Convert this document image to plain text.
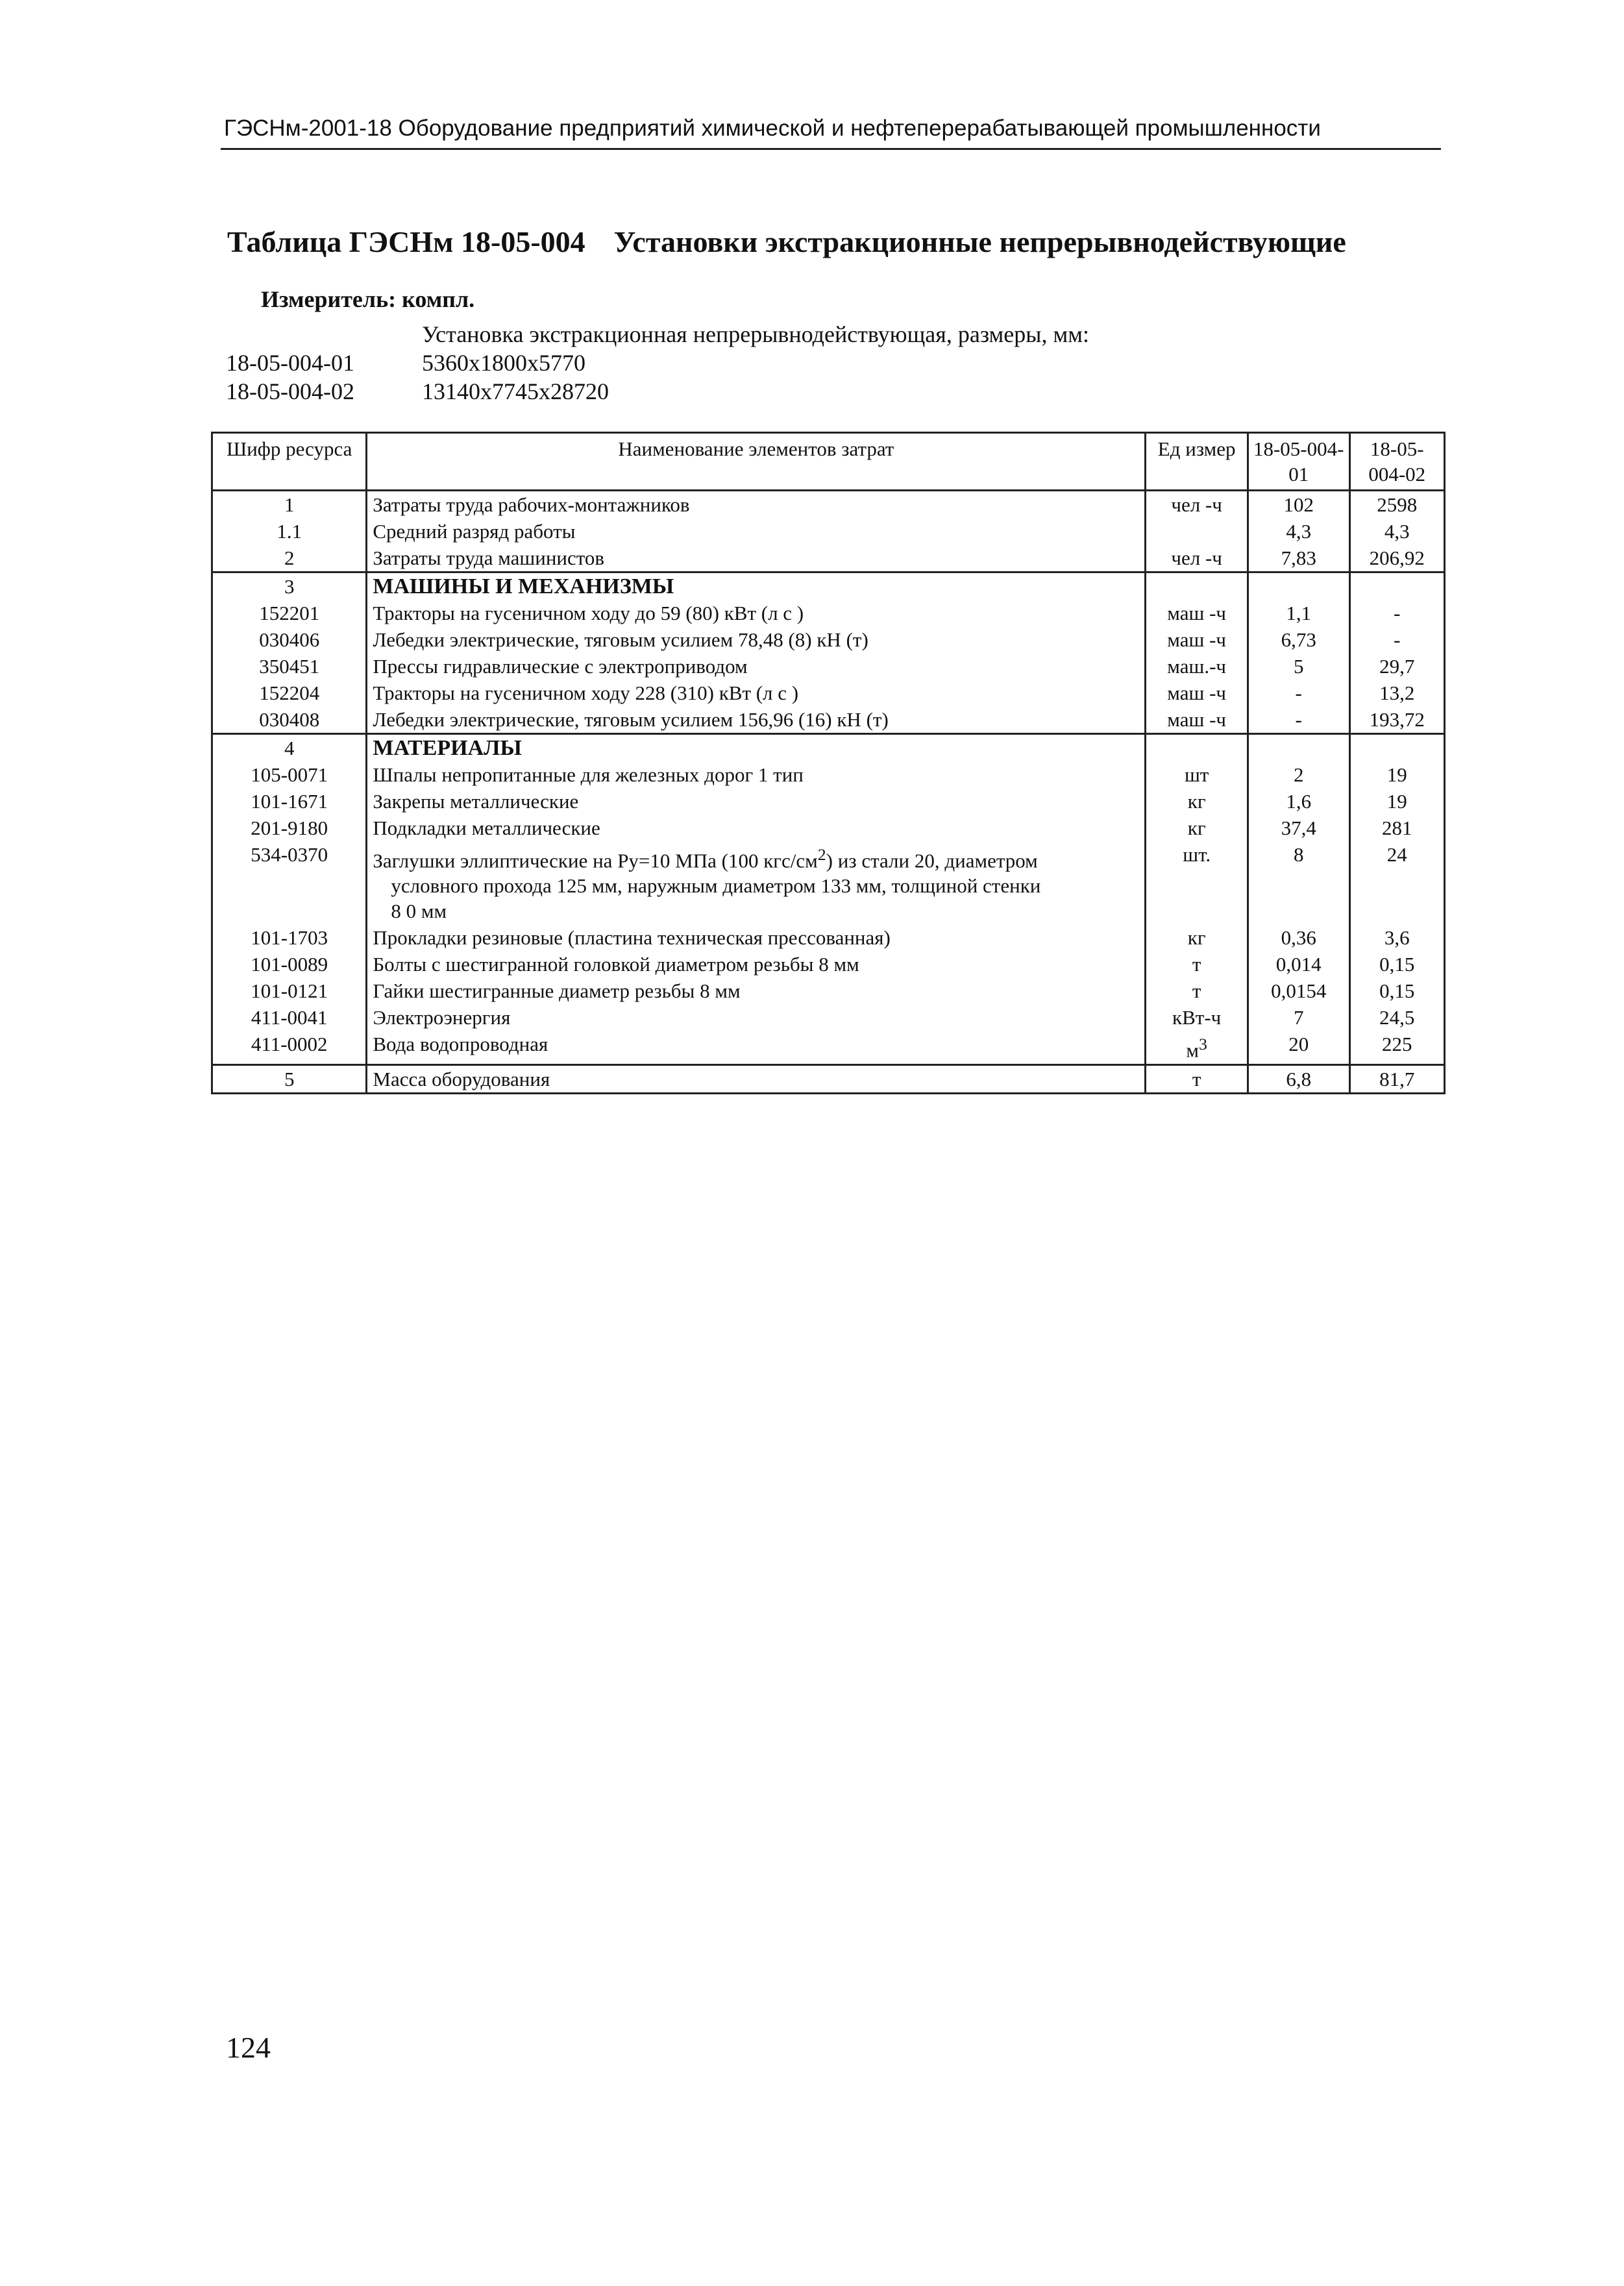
ГЭСНм-2001-18 Оборудование предприятий химической и нефтеперерабатывающей промышленности
Таблица ГЭСНм 18-05-004 Установки экстракционные непрерывнодействующие
Измеритель: компл.
Установка экстракционная непрерывнодействующая, размеры, мм:
18-05-004-01	5360x1800x5770
18-05-004-02	13140x7745x28720
Шифр ресурса	Наименование элементов затрат	Ед измер	18-05-004-01	18-05-004-02
1	Затраты труда рабочих-монтажников	чел -ч	102	2598
1.1	Средний разряд работы		4,3	4,3
2	Затраты труда машинистов	чел -ч	7,83	206,92
3	МАШИНЫ И МЕХАНИЗМЫ			
152201	Тракторы на гусеничном ходу до 59 (80) кВт (л с )	маш -ч	1,1	-
030406	Лебедки электрические, тяговым усилием 78,48 (8) кН (т)	маш -ч	6,73	-
350451	Прессы гидравлические с электроприводом	маш.-ч	5	29,7
152204	Тракторы на гусеничном ходу 228 (310) кВт (л с )	маш -ч	-	13,2
030408	Лебедки электрические, тяговым усилием 156,96 (16) кН (т)	маш -ч	-	193,72
4	МАТЕРИАЛЫ			
105-0071	Шпалы непропитанные для железных дорог 1 тип	шт	2	19
101-1671	Закрепы металлические	кг	1,6	19
201-9180	Подкладки металлические	кг	37,4	281
534-0370	Заглушки эллиптические на Ру=10 МПа (100 кгс/$см^2$) из стали 20, диаметром
условного прохода 125 мм, наружным диаметром 133 мм, толщиной стенки
8 0 мм	шт.	8	24
101-1703	Прокладки резиновые (пластина техническая прессованная)	кг	0,36	3,6
101-0089	Болты с шестигранной головкой диаметром резьбы 8 мм	т	0,014	0,15
101-0121	Гайки шестигранные диаметр резьбы 8 мм	т	0,0154	0,15
411-0041	Электроэнергия	кВт-ч	7	24,5
411-0002	Вода водопроводная	$м^3$	20	225
5	Масса оборудования	т	6,8	81,7
124
